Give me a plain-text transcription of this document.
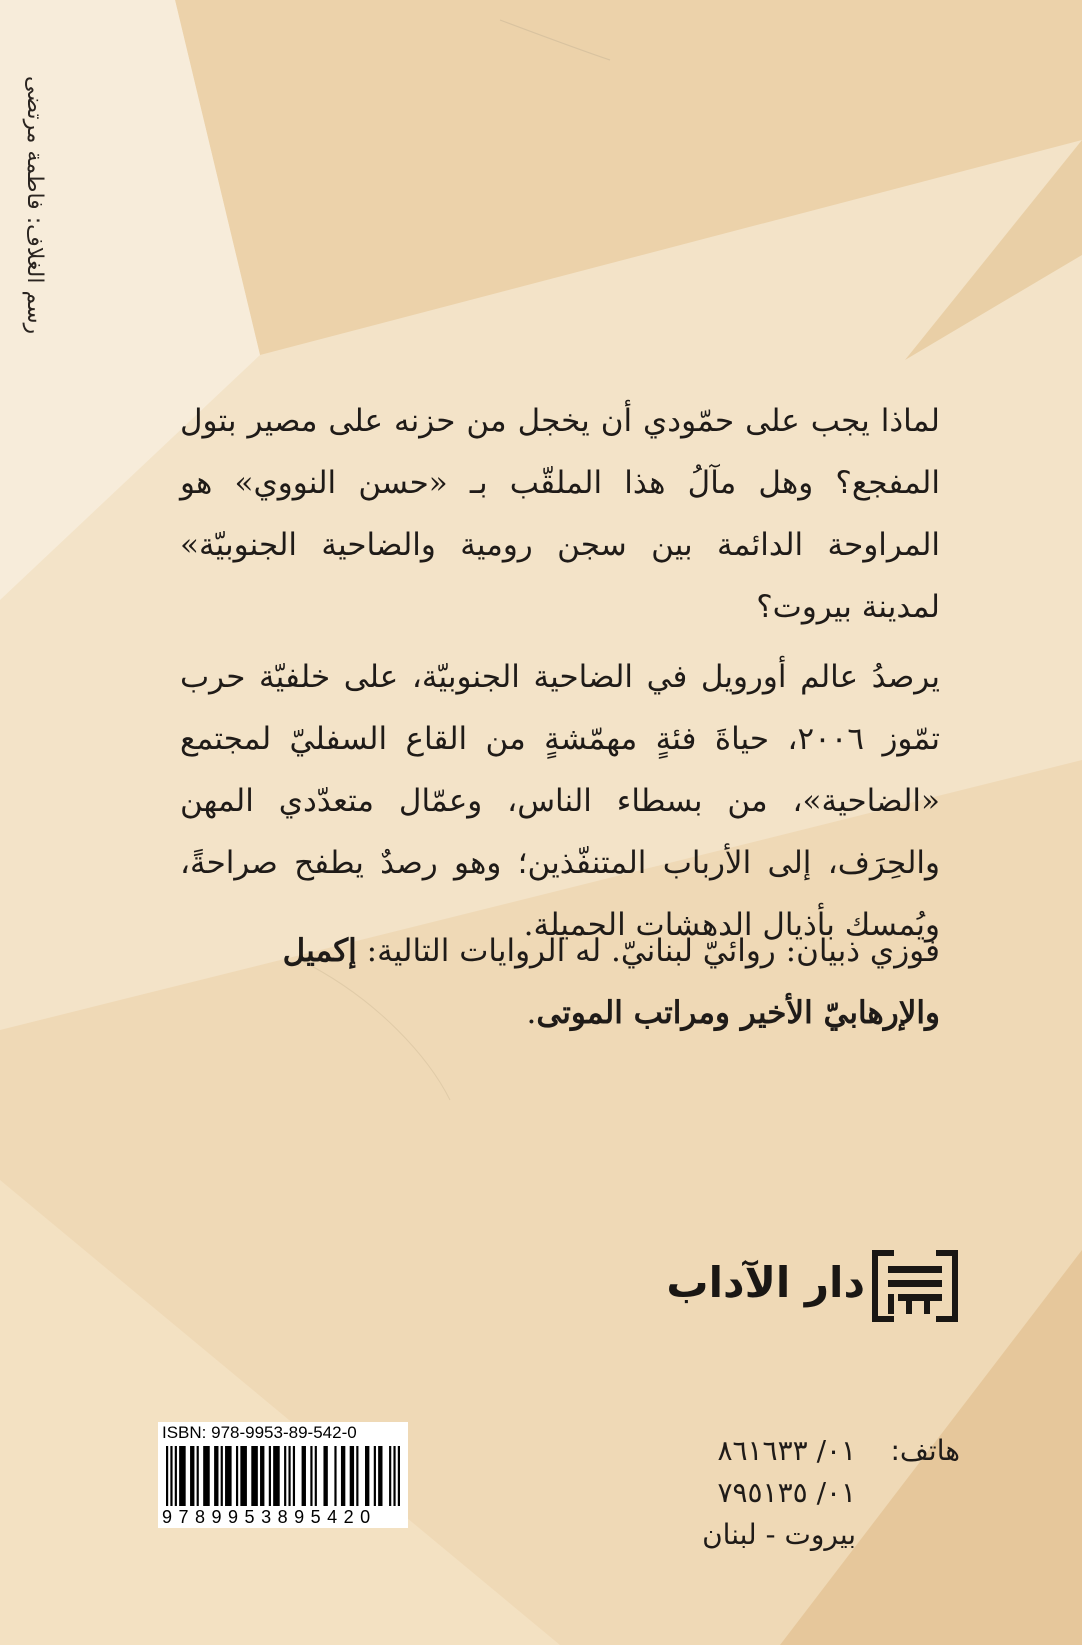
رسم الغلاف: فاطمة مرتضى

لماذا يجب على حمّودي أن يخجل من حزنه على مصير بتول المفجع؟ وهل مآلُ هذا الملقّب بـ «حسن النووي» هو المراوحة الدائمة بين سجن رومية والضاحية الجنوبيّة» لمدينة بيروت؟

يرصدُ عالم أورويل في الضاحية الجنوبيّة، على خلفيّة حرب تمّوز ٢٠٠٦، حياةَ فئةٍ مهمّشةٍ من القاع السفليّ لمجتمع «الضاحية»، من بسطاء الناس، وعمّال متعدّدي المهن والحِرَف، إلى الأرباب المتنفّذين؛ وهو رصدٌ يطفح صراحةً، ويُمسك بأذيال الدهشات الجميلة.

فوزي ذبيان: روائيّ لبنانيّ. له الروايات التالية: إكميل والإرهابيّ الأخير ومراتب الموتى.
دار الآداب
هاتف: ٠١/ ٨٦١٦٣٣
٠١/ ٧٩٥١٣٥
بيروت - لبنان
ISBN: 978-9953-89-542-0
9789953895420
